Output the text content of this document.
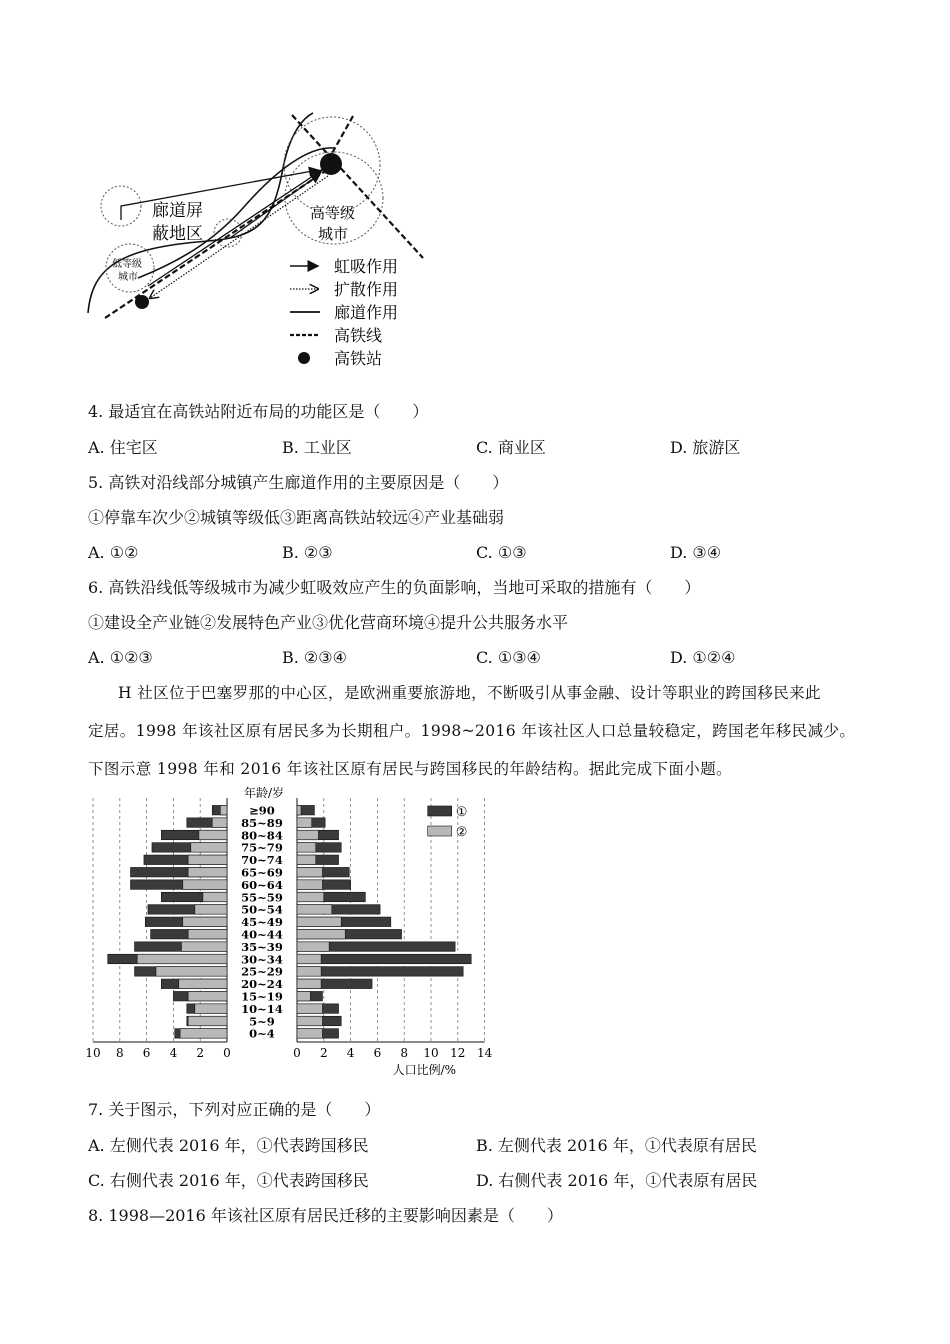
廊道屏
蔽地区
高等级
城市
低等级
城市
虹吸作用
扩散作用
廊道作用
高铁线
高铁站
4. 最适宜在高铁站附近布局的功能区是（　　）
A. 住宅区	B. 工业区	C. 商业区	D. 旅游区
5. 高铁对沿线部分城镇产生廊道作用的主要原因是（　　）
①停靠车次少②城镇等级低③距离高铁站较远④产业基础弱
A. ①②	B. ②③	C. ①③	D. ③④
6. 高铁沿线低等级城市为减少虹吸效应产生的负面影响，当地可采取的措施有（　　）
①建设全产业链②发展特色产业③优化营商环境④提升公共服务水平
A. ①②③	B. ②③④	C. ①③④	D. ①②④
H 社区位于巴塞罗那的中心区，是欧洲重要旅游地，不断吸引从事金融、设计等职业的跨国移民来此
定居。1998 年该社区原有居民多为长期租户。1998~2016 年该社区人口总量较稳定，跨国老年移民减少。
下图示意 1998 年和 2016 年该社区原有居民与跨国移民的年龄结构。据此完成下面小题。
≥90
85~89
80~84
75~79
70~74
65~69
60~64
55~59
50~54
45~49
40~44
35~39
30~34
25~29
20~24
15~19
10~14
5~9
0~4
年龄/岁
10 8 6 4 2 0	0 2 4 6 8 10 12 14
人口比例/%
①
②
7. 关于图示，下列对应正确的是（　　）
A. 左侧代表 2016 年，①代表跨国移民	B. 左侧代表 2016 年，①代表原有居民
C. 右侧代表 2016 年，①代表跨国移民	D. 右侧代表 2016 年，①代表原有居民
8. 1998—2016 年该社区原有居民迁移的主要影响因素是（　　）
